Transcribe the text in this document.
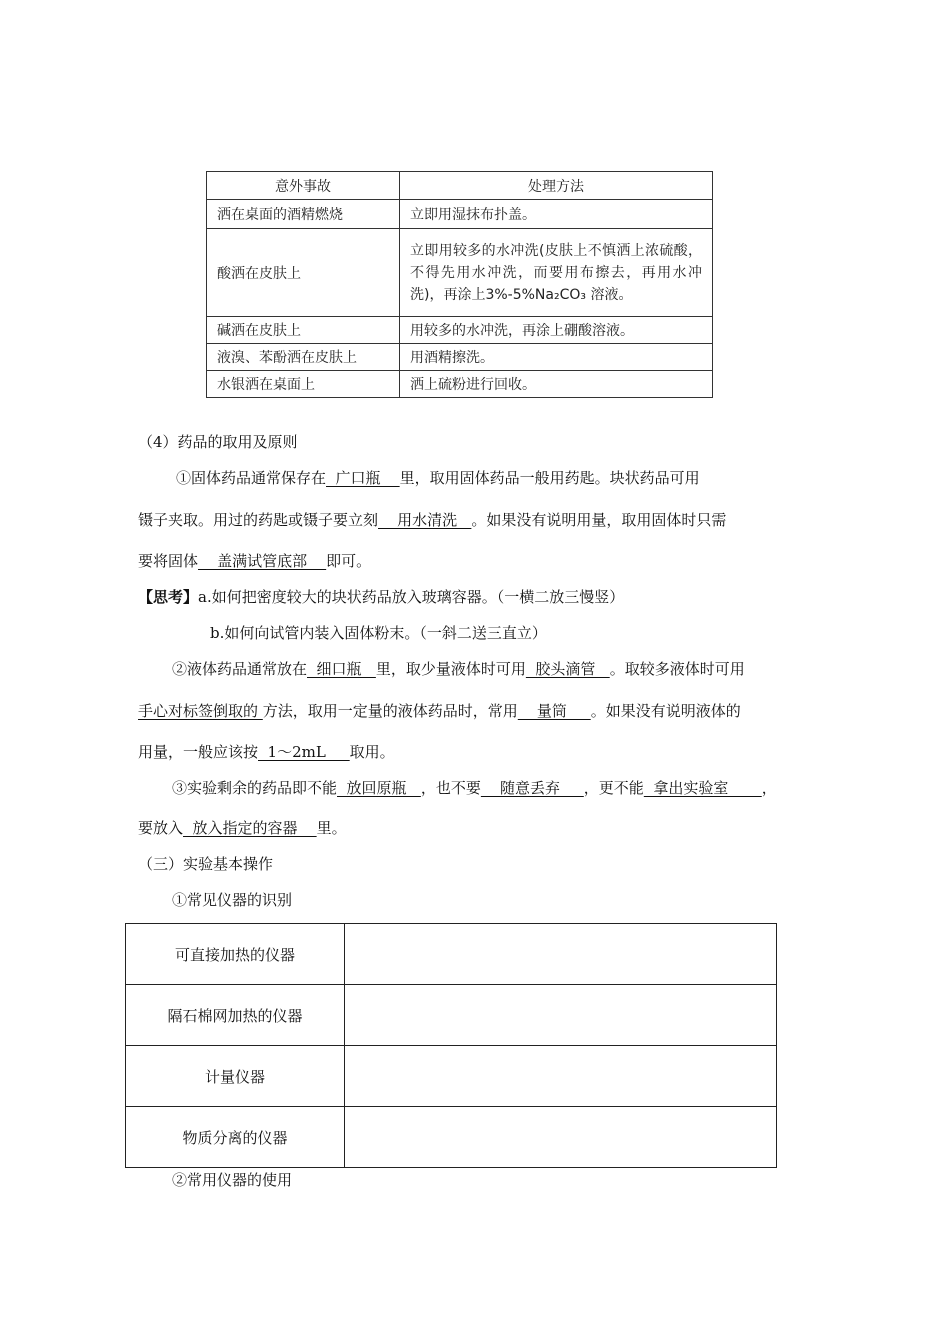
意外事故	处理方法
洒在桌面的酒精燃烧	立即用湿抹布扑盖。
酸洒在皮肤上	立即用较多的水冲洗(皮肤上不慎洒上浓硫酸，不得先用水冲洗，而要用布擦去，再用水冲洗)，再涂上3%-5%Na₂CO₃ 溶液。
碱洒在皮肤上	用较多的水冲洗，再涂上硼酸溶液。
液溴、苯酚洒在皮肤上	用酒精擦洗。
水银洒在桌面上	洒上硫粉进行回收。
（4）药品的取用及原则
①固体药品通常保存在  广口瓶    里，取用固体药品一般用药匙。块状药品可用
镊子夹取。用过的药匙或镊子要立刻    用水清洗   。如果没有说明用量，取用固体时只需
要将固体    盖满试管底部    即可。
【思考】a.如何把密度较大的块状药品放入玻璃容器。（一横二放三慢竖）
b.如何向试管内装入固体粉末。（一斜二送三直立）
②液体药品通常放在  细口瓶   里，取少量液体时可用  胶头滴管   。取较多液体时可用
手心对标签倒取的 方法，取用一定量的液体药品时，常用    量筒     。如果没有说明液体的
用量，一般应该按  1～2mL     取用。
③实验剩余的药品即不能  放回原瓶   ，也不要    随意丢弃     ，更不能  拿出实验室       ，
要放入  放入指定的容器    里。
（三）实验基本操作
①常见仪器的识别
可直接加热的仪器	
隔石棉网加热的仪器	
计量仪器	
物质分离的仪器	
②常用仪器的使用
